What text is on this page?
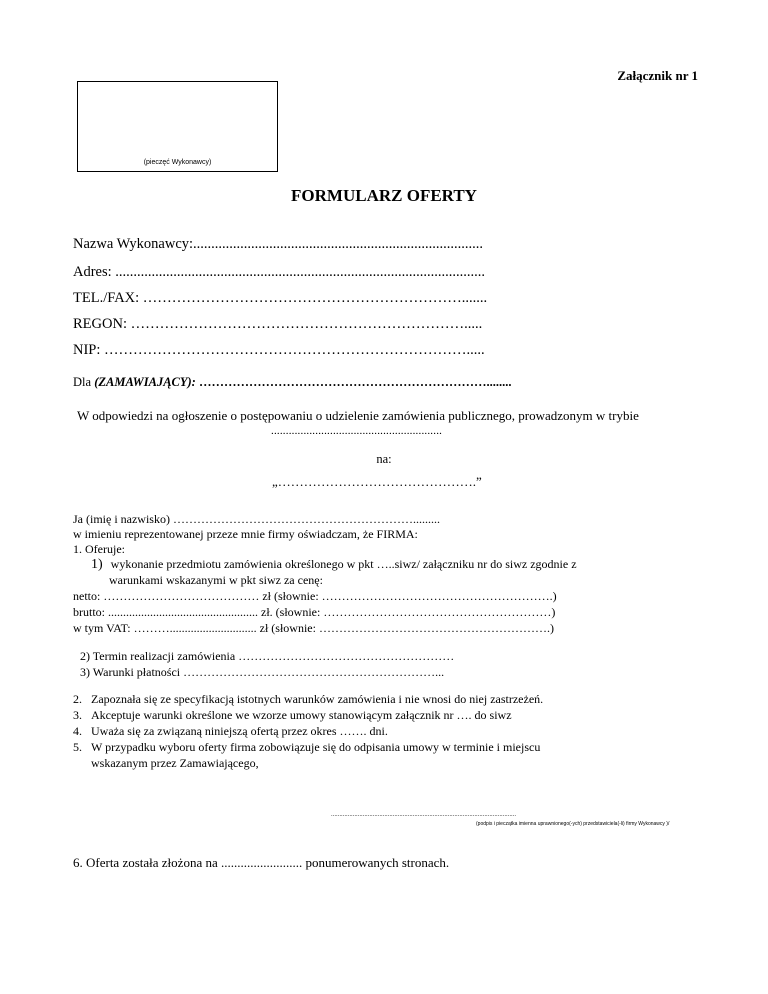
Załącznik nr 1
(pieczęć Wykonawcy)
FORMULARZ OFERTY
Nazwa Wykonawcy:................................................................................
Adres: ......................................................................................................
TEL./FAX: ………………………………………………………….......
REGON: …………………………………………………………….....
NIP: ………………………………………………………………….....
Dla (ZAMAWIAJĄCY): ……………………………………………………………........
W odpowiedzi na ogłoszenie o postępowaniu o udzielenie zamówienia publicznego, prowadzonym w trybie
..........................................................
na:
„……………………………………….”
Ja (imię i nazwisko) …………………………………………………….........
w imieniu reprezentowanej przeze mnie firmy oświadczam, że FIRMA:
1. Oferuje:
1) wykonanie przedmiotu zamówienia określonego w pkt …..siwz/ załączniku nr do siwz zgodnie z
warunkami wskazanymi w pkt siwz za cenę:
netto: ………………………………… zł (słownie: ………………………………………………….)
brutto: .................................................. zł. (słownie: …………………………………………………)
w tym VAT: ………............................. zł (słownie: ………………………………………………….)
2) Termin realizacji zamówienia ………………………………………………
3) Warunki płatności ………………………………………………………...
2. Zapoznała się ze specyfikacją istotnych warunków zamówienia i nie wnosi do niej zastrzeżeń.
3. Akceptuje warunki określone we wzorze umowy stanowiącym załącznik nr …. do siwz
4. Uważa się za związaną niniejszą ofertą przez okres ……. dni.
5. W przypadku wyboru oferty firma zobowiązuje się do odpisania umowy w terminie i miejscu
wskazanym przez Zamawiającego,
...............................................................................................................
(podpis i pieczątka imienna uprawnionego(-ych) przedstawiciela(-li) firmy Wykonawcy )/
6. Oferta została złożona na ......................... ponumerowanych stronach.
